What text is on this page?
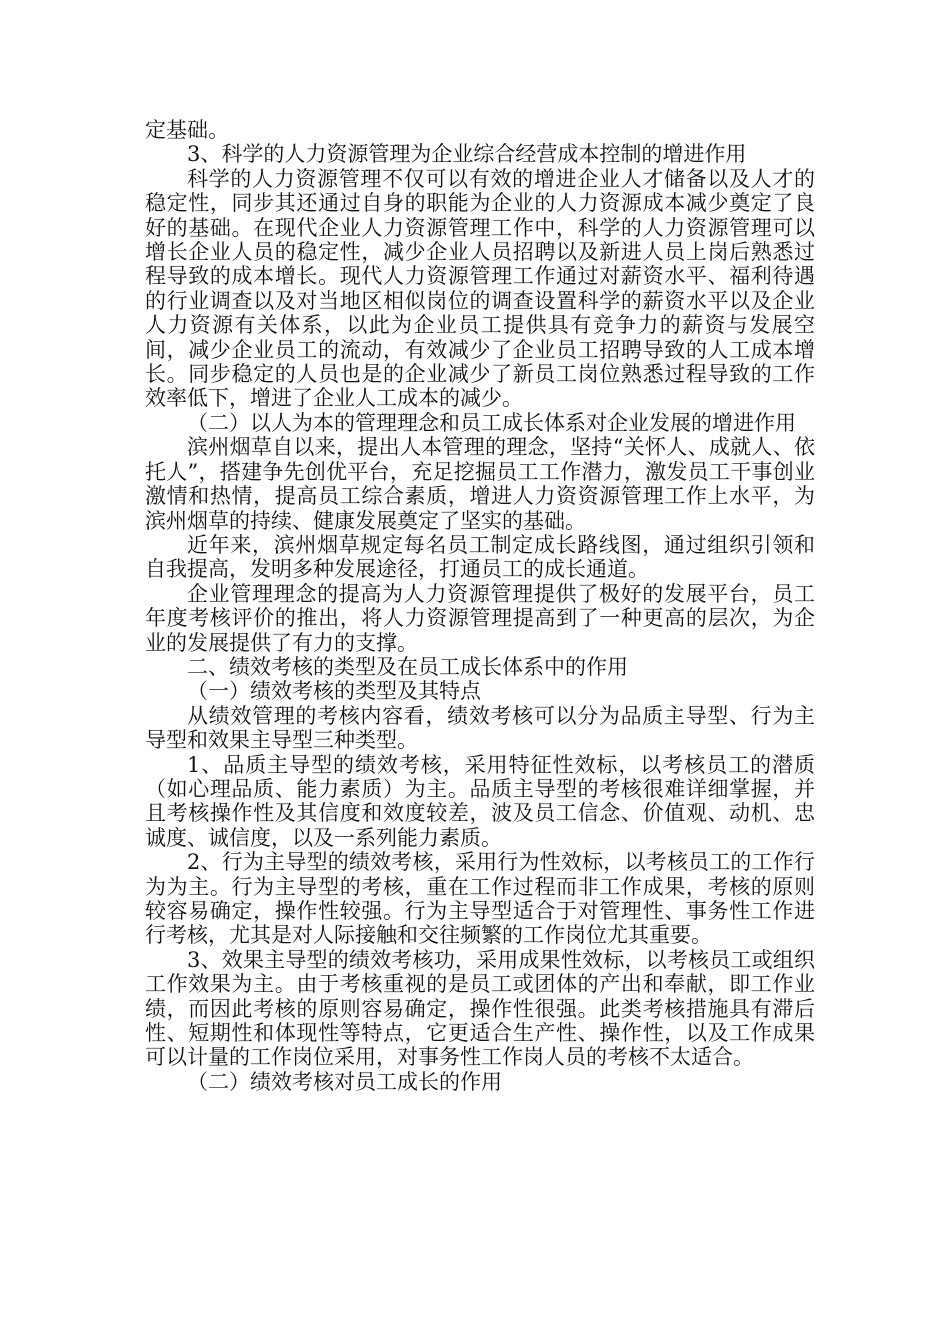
定基础。

3、科学的人力资源管理为企业综合经营成本控制的增进作用

科学的人力资源管理不仅可以有效的增进企业人才储备以及人才的稳定性，同步其还通过自身的职能为企业的人力资源成本减少奠定了良好的基础。在现代企业人力资源管理工作中，科学的人力资源管理可以增长企业人员的稳定性，减少企业人员招聘以及新进人员上岗后熟悉过程导致的成本增长。现代人力资源管理工作通过对薪资水平、福利待遇的行业调查以及对当地区相似岗位的调查设置科学的薪资水平以及企业人力资源有关体系，以此为企业员工提供具有竞争力的薪资与发展空间，减少企业员工的流动，有效减少了企业员工招聘导致的人工成本增长。同步稳定的人员也是的企业减少了新员工岗位熟悉过程导致的工作效率低下，增进了企业人工成本的减少。

（二）以人为本的管理理念和员工成长体系对企业发展的增进作用

滨州烟草自以来，提出人本管理的理念，坚持“关怀人、成就人、依托人”，搭建争先创优平台，充足挖掘员工工作潜力，激发员工干事创业激情和热情，提高员工综合素质，增进人力资资源管理工作上水平，为滨州烟草的持续、健康发展奠定了坚实的基础。

近年来，滨州烟草规定每名员工制定成长路线图，通过组织引领和自我提高，发明多种发展途径，打通员工的成长通道。

企业管理理念的提高为人力资源管理提供了极好的发展平台，员工年度考核评价的推出，将人力资源管理提高到了一种更高的层次，为企业的发展提供了有力的支撑。

二、绩效考核的类型及在员工成长体系中的作用

（一）绩效考核的类型及其特点

从绩效管理的考核内容看，绩效考核可以分为品质主导型、行为主导型和效果主导型三种类型。

1、品质主导型的绩效考核，采用特征性效标，以考核员工的潜质（如心理品质、能力素质）为主。品质主导型的考核很难详细掌握，并且考核操作性及其信度和效度较差，波及员工信念、价值观、动机、忠诚度、诚信度，以及一系列能力素质。

2、行为主导型的绩效考核，采用行为性效标，以考核员工的工作行为为主。行为主导型的考核，重在工作过程而非工作成果，考核的原则较容易确定，操作性较强。行为主导型适合于对管理性、事务性工作进行考核，尤其是对人际接触和交往频繁的工作岗位尤其重要。

3、效果主导型的绩效考核功，采用成果性效标，以考核员工或组织工作效果为主。由于考核重视的是员工或团体的产出和奉献，即工作业绩，而因此考核的原则容易确定，操作性很强。此类考核措施具有滞后性、短期性和体现性等特点，它更适合生产性、操作性，以及工作成果可以计量的工作岗位采用，对事务性工作岗人员的考核不太适合。

（二）绩效考核对员工成长的作用
